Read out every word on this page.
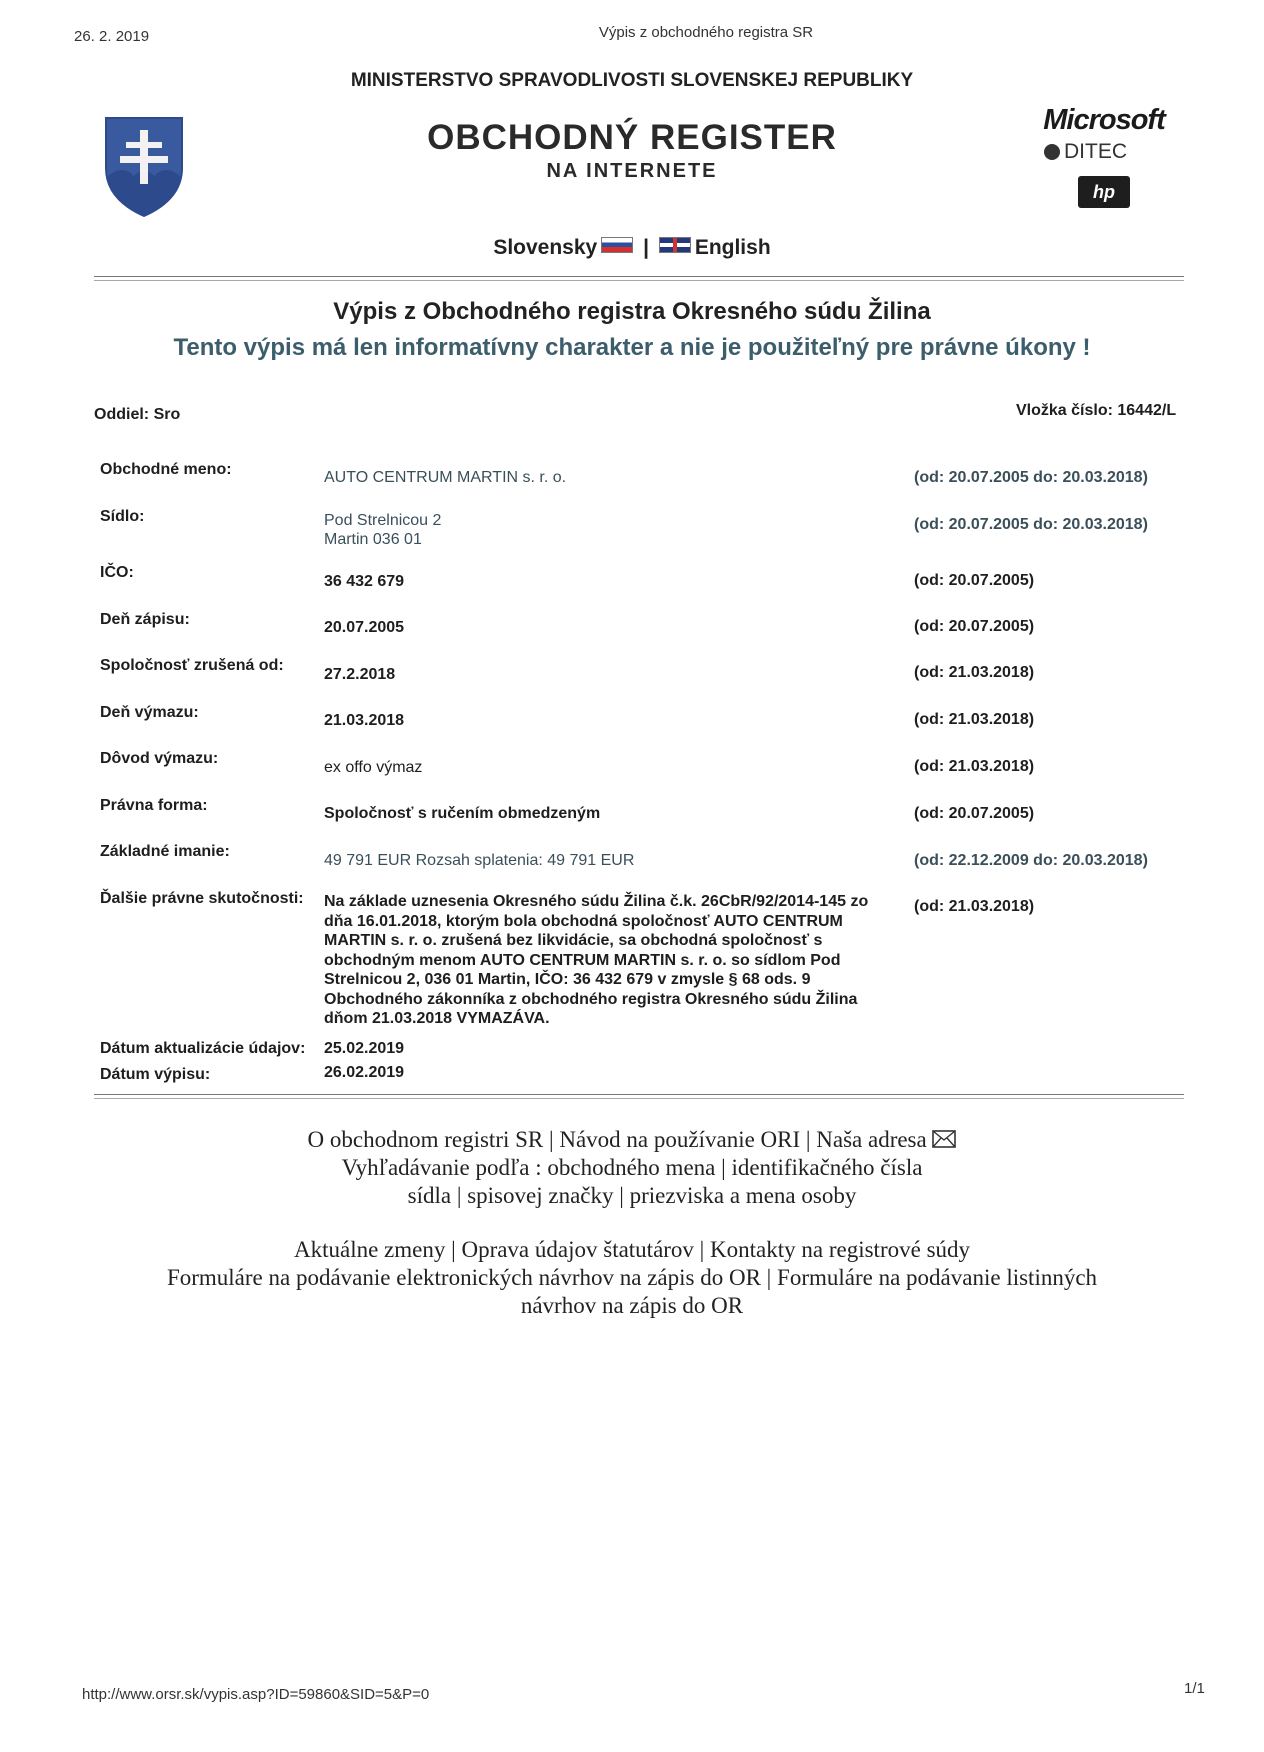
26. 2. 2019	Výpis z obchodného registra SR
MINISTERSTVO SPRAVODLIVOSTI SLOVENSKEJ REPUBLIKY
OBCHODNÝ REGISTER
NA INTERNETE
Microsoft
DITEC
hp
Slovensky | English
Výpis z Obchodného registra Okresného súdu Žilina
Tento výpis má len informatívny charakter a nie je použiteľný pre právne úkony !
Oddiel: Sro	Vložka číslo: 16442/L
Obchodné meno:	AUTO CENTRUM MARTIN s. r. o.	(od: 20.07.2005 do: 20.03.2018)
Sídlo:	Pod Strelnicou 2
Martin 036 01
(od: 20.07.2005 do: 20.03.2018)
IČO:
36 432 679	(od: 20.07.2005)
Deň zápisu:	20.07.2005	(od: 20.07.2005)
Spoločnosť zrušená od:
27.2.2018	(od: 21.03.2018)
Deň výmazu:	21.03.2018	(od: 21.03.2018)
Dôvod výmazu:
ex offo výmaz	(od: 21.03.2018)
Právna forma:	Spoločnosť s ručením obmedzeným	(od: 20.07.2005)
Základné imanie:
49 791 EUR Rozsah splatenia: 49 791 EUR	(od: 22.12.2009 do: 20.03.2018)
Ďalšie právne skutočnosti: Na základe uznesenia Okresného súdu Žilina č.k. 26CbR/92/2014-145 zo
dňa 16.01.2018, ktorým bola obchodná spoločnosť AUTO CENTRUM
MARTIN s. r. o. zrušená bez likvidácie, sa obchodná spoločnosť s
obchodným menom AUTO CENTRUM MARTIN s. r. o. so sídlom Pod
Strelnicou 2, 036 01 Martin, IČO: 36 432 679 v zmysle § 68 ods. 9
Obchodného zákonníka z obchodného registra Okresného súdu Žilina
dňom 21.03.2018 VYMAZÁVA.
(od: 21.03.2018)
Dátum aktualizácie údajov: 25.02.2019
Dátum výpisu:	26.02.2019
O obchodnom registri SR | Návod na používanie ORI | Naša adresa
Vyhľadávanie podľa : obchodného mena | identifikačného čísla
sídla | spisovej značky | priezviska a mena osoby
Aktuálne zmeny | Oprava údajov štatutárov | Kontakty na registrové súdy
Formuláre na podávanie elektronických návrhov na zápis do OR | Formuláre na podávanie listinných
návrhov na zápis do OR
http://www.orsr.sk/vypis.asp?ID=59860&SID=5&P=0	1/1
